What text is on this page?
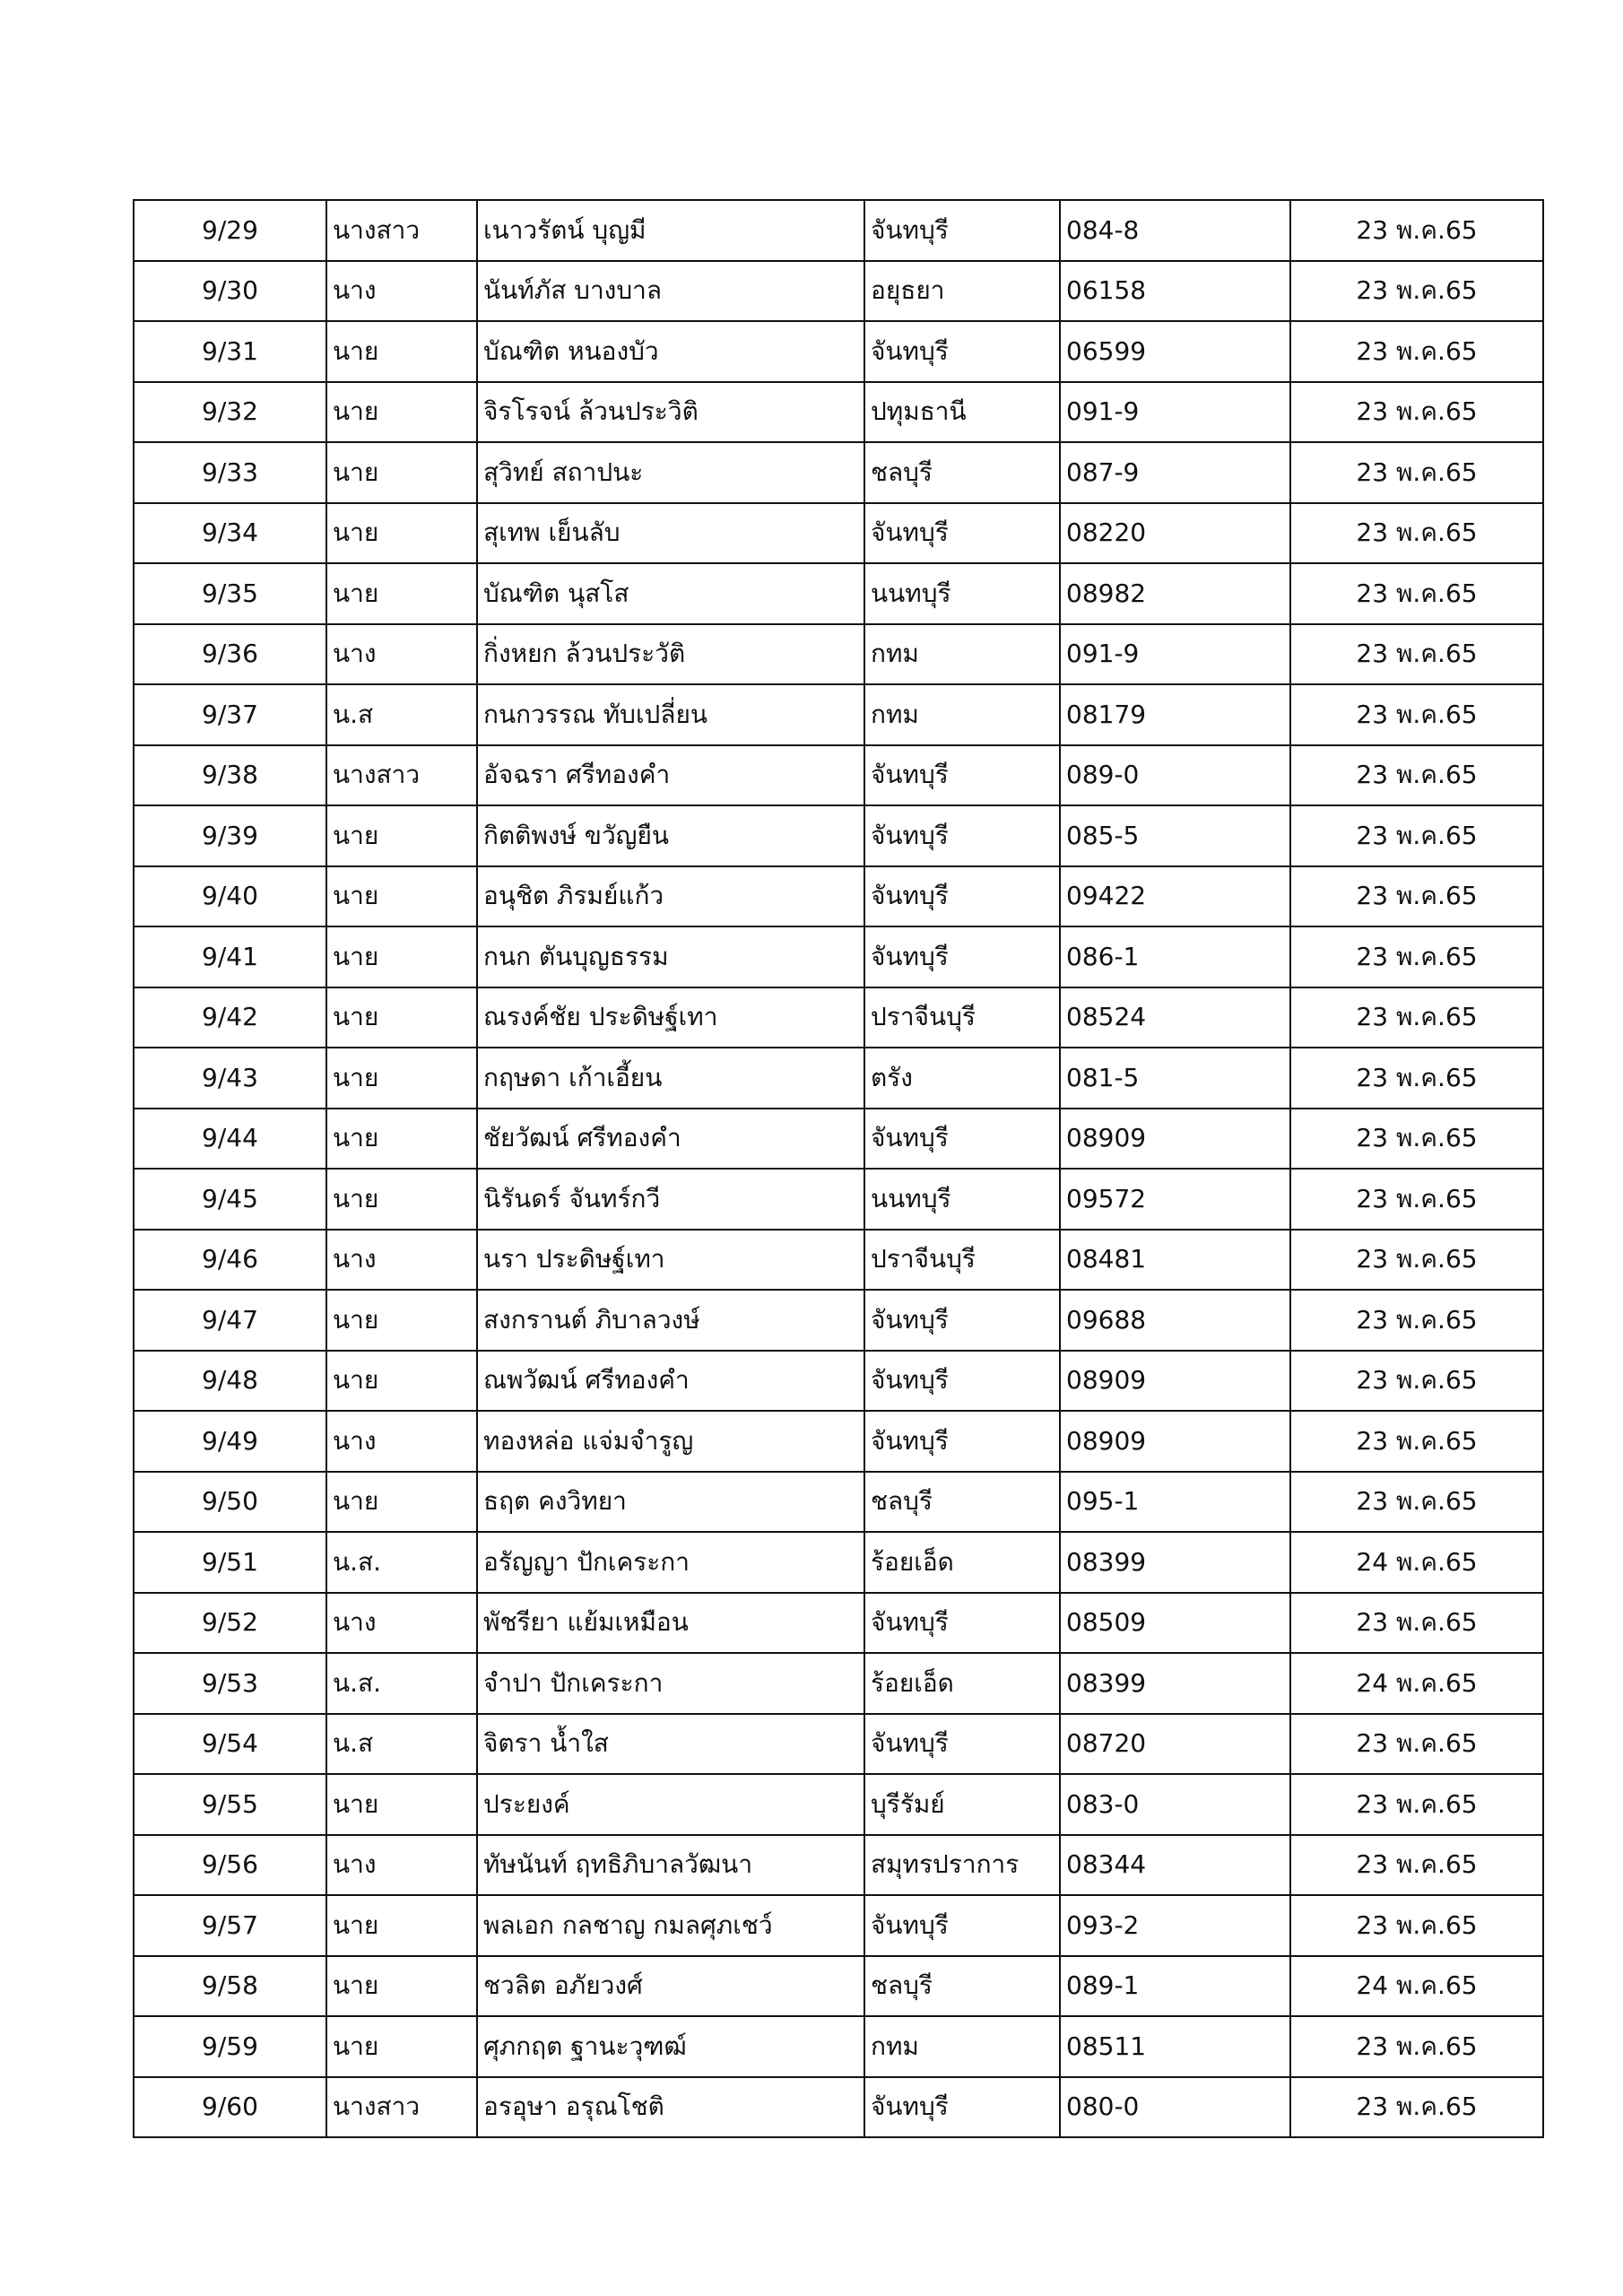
9/29	นางสาว	เนาวรัตน์ บุญมี	จันทบุรี	084-8		23 พ.ค.65
9/30	นาง	นันท์ภัส บางบาล	อยุธยา	06158		23 พ.ค.65
9/31	นาย	บัณฑิต หนองบัว	จันทบุรี	06599		23 พ.ค.65
9/32	นาย	จิรโรจน์ ล้วนประวิติ	ปทุมธานี	091-9		23 พ.ค.65
9/33	นาย	สุวิทย์ สถาปนะ	ชลบุรี	087-9		23 พ.ค.65
9/34	นาย	สุเทพ เย็นลับ	จันทบุรี	08220		23 พ.ค.65
9/35	นาย	บัณฑิต นุสโส	นนทบุรี	08982		23 พ.ค.65
9/36	นาง	กิ่งหยก ล้วนประวัติ	กทม	091-9		23 พ.ค.65
9/37	น.ส	กนกวรรณ ทับเปลี่ยน	กทม	08179		23 พ.ค.65
9/38	นางสาว	อัจฉรา ศรีทองคำ	จันทบุรี	089-0		23 พ.ค.65
9/39	นาย	กิตติพงษ์ ขวัญยืน	จันทบุรี	085-5		23 พ.ค.65
9/40	นาย	อนุชิต ภิรมย์แก้ว	จันทบุรี	09422		23 พ.ค.65
9/41	นาย	กนก ตันบุญธรรม	จันทบุรี	086-1		23 พ.ค.65
9/42	นาย	ณรงค์ชัย ประดิษฐ์เทา	ปราจีนบุรี	08524		23 พ.ค.65
9/43	นาย	กฤษดา เก้าเอี้ยน	ตรัง	081-5		23 พ.ค.65
9/44	นาย	ชัยวัฒน์ ศรีทองคำ	จันทบุรี	08909		23 พ.ค.65
9/45	นาย	นิรันดร์ จันทร์กวี	นนทบุรี	09572		23 พ.ค.65
9/46	นาง	นรา ประดิษฐ์เทา	ปราจีนบุรี	08481		23 พ.ค.65
9/47	นาย	สงกรานต์ ภิบาลวงษ์	จันทบุรี	09688		23 พ.ค.65
9/48	นาย	ณพวัฒน์ ศรีทองคำ	จันทบุรี	08909		23 พ.ค.65
9/49	นาง	ทองหล่อ แจ่มจำรูญ	จันทบุรี	08909		23 พ.ค.65
9/50	นาย	ธฤต คงวิทยา	ชลบุรี	095-1		23 พ.ค.65
9/51	น.ส.	อรัญญา ปักเคระกา	ร้อยเอ็ด	08399		24 พ.ค.65
9/52	นาง	พัชรียา แย้มเหมือน	จันทบุรี	08509		23 พ.ค.65
9/53	น.ส.	จำปา ปักเคระกา	ร้อยเอ็ด	08399		24 พ.ค.65
9/54	น.ส	จิตรา น้ำใส	จันทบุรี	08720		23 พ.ค.65
9/55	นาย	ประยงค์	บุรีรัมย์	083-0		23 พ.ค.65
9/56	นาง	ทัษนันท์ ฤทธิภิบาลวัฒนา	สมุทรปราการ	08344		23 พ.ค.65
9/57	นาย	พลเอก กลชาญ กมลศุภเชว์	จันทบุรี	093-2		23 พ.ค.65
9/58	นาย	ชวลิต อภัยวงศ์	ชลบุรี	089-1		24 พ.ค.65
9/59	นาย	ศุภกฤต ฐานะวุฑฒ์	กทม	08511		23 พ.ค.65
9/60	นางสาว	อรอุษา อรุณโชติ	จันทบุรี	080-0		23 พ.ค.65
